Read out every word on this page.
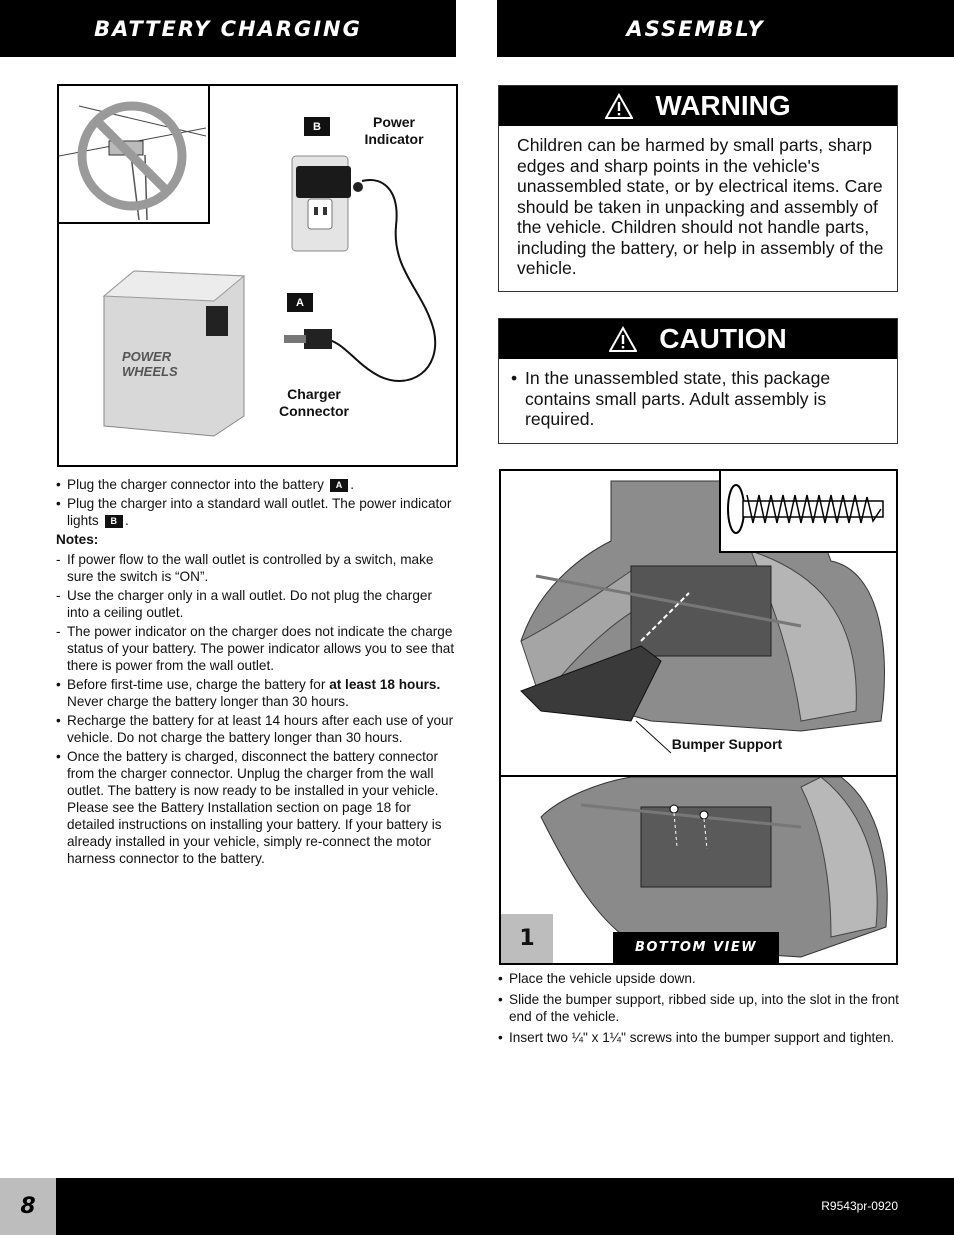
BATTERY CHARGING	ASSEMBLY
B	Power
Indicator
A
Charger
Connector
POWER
WHEELS
• Plug the charger connector into the battery A .
• Plug the charger into a standard wall outlet. The power indicator lights B .
Notes:
- If power flow to the wall outlet is controlled by a switch, make sure the switch is “ON”.
- Use the charger only in a wall outlet. Do not plug the charger into a ceiling outlet.
- The power indicator on the charger does not indicate the charge status of your battery. The power indicator allows you to see that there is power from the wall outlet.
• Before first-time use, charge the battery for at least 18 hours. Never charge the battery longer than 30 hours.
• Recharge the battery for at least 14 hours after each use of your vehicle. Do not charge the battery longer than 30 hours.
• Once the battery is charged, disconnect the battery connector from the charger connector. Unplug the charger from the wall outlet. The battery is now ready to be installed in your vehicle. Please see the Battery Installation section on page 18 for detailed instructions on installing your battery. If your battery is already installed in your vehicle, simply re-connect the motor harness connector to the battery.
WARNING
Children can be harmed by small parts, sharp edges and sharp points in the vehicle's unassembled state, or by electrical items. Care should be taken in unpacking and assembly of the vehicle. Children should not handle parts, including the battery, or help in assembly of the vehicle.
CAUTION
• In the unassembled state, this package contains small parts. Adult assembly is required.
Bumper Support
1	BOTTOM VIEW
• Place the vehicle upside down.
• Slide the bumper support, ribbed side up, into the slot in the front end of the vehicle.
• Insert two ¼" x 1¼" screws into the bumper support and tighten.
8	R9543pr-0920
